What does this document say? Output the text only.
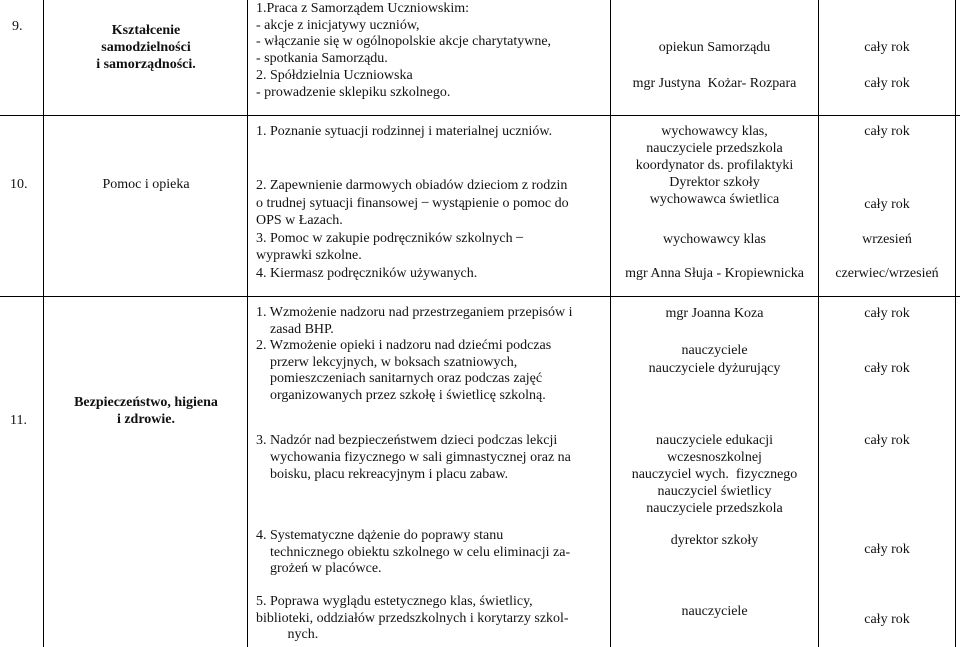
9.	Kształcenie
samodzielności
i samorządności.
1.Praca z Samorządem Uczniowskim:
- akcje z inicjatywy uczniów,
- włączanie się w ogólnopolskie akcje charytatywne,
- spotkania Samorządu.
2. Spółdzielnia Uczniowska
- prowadzenie sklepiku szkolnego.
opiekun Samorządu
mgr Justyna  Kożar- Rozpara
cały rok
cały rok
10.	Pomoc i opieka
1. Poznanie sytuacji rodzinnej i materialnej uczniów.
2. Zapewnienie darmowych obiadów dzieciom z rodzin
o trudnej sytuacji finansowej  ̶  wystąpienie o pomoc do
OPS w Łazach.
3. Pomoc w zakupie podręczników szkolnych  ̶
wyprawki szkolne.
4. Kiermasz podręczników używanych.
wychowawcy klas,
nauczyciele przedszkola
koordynator ds. profilaktyki
Dyrektor szkoły
wychowawca świetlica
wychowawcy klas
mgr Anna Słuja - Kropiewnicka
cały rok
cały rok
wrzesień
czerwiec/wrzesień
11.
Bezpieczeństwo, higiena
i zdrowie.
1. Wzmożenie nadzoru nad przestrzeganiem przepisów i
zasad BHP.
2. Wzmożenie opieki i nadzoru nad dziećmi podczas
przerw lekcyjnych, w boksach szatniowych,
pomieszczeniach sanitarnych oraz podczas zajęć
organizowanych przez szkołę i świetlicę szkolną.
3. Nadzór nad bezpieczeństwem dzieci podczas lekcji
wychowania fizycznego w sali gimnastycznej oraz na
boisku, placu rekreacyjnym i placu zabaw.
4. Systematyczne dążenie do poprawy stanu
technicznego obiektu szkolnego w celu eliminacji za-
grożeń w placówce.
5. Poprawa wyglądu estetycznego klas, świetlicy,
biblioteki, oddziałów przedszkolnych i korytarzy szkol-
nych.
mgr Joanna Koza
nauczyciele
nauczyciele dyżurujący
nauczyciele edukacji
wczesnoszkolnej
nauczyciel wych.  fizycznego
nauczyciel świetlicy
nauczyciele przedszkola
dyrektor szkoły
nauczyciele
cały rok
cały rok
cały rok
cały rok
cały rok
